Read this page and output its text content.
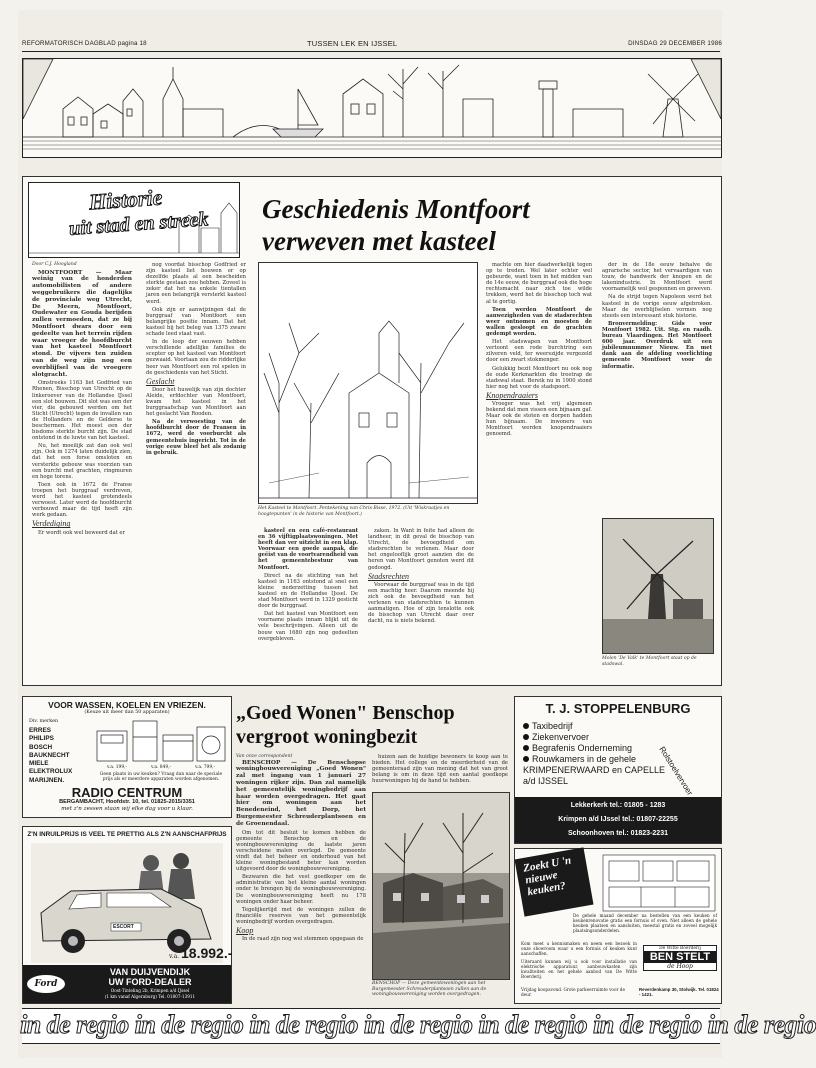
REFORMATORISCH DAGBLAD pagina 18	TUSSEN LEK EN IJSSEL	DINSDAG 29 DECEMBER 1986
Historie
uit stad en streek Geschiedenis Montfoort
verweven met kasteel
Door C.J. Hoogland

MONTFOORT — Maar weinig van de honderden automobilisten of andere weggebruikers die dagelijks de provinciale weg Utrecht, De Meern, Montfoort, Oudewater en Gouda berijden zullen vermoeden, dat ze bij Montfoort dwars door een gedeelte van het terrein rijden waar vroeger de hoofdburcht van het kasteel Montfoort stond. De vijvers ten zuiden van de weg zijn nog een overblijfsel van de vroegere slotgracht.

Omstreeks 1163 liet Godfried van Rhenen, Bisschop van Utrecht op de linkeroever van de Hollandse IJssel een slot bouwen. Dit slot was een der vier, die gebouwd werden om het Sticht (Utrecht) tegen de invallen van de Hollanders en de Gelderse te beschermen. Het moest een der bisdoms sterkte burcht zijn. De stad ontstond in de luwte van het kasteel.

Nu, het moeilijk zat dan ook wel zijn. Ook in 1274 laten duidelijk zien, dat het een forse omsloten en versterkte gebouw was voorzien van een burcht met grachten, ringmuren en hoge torens.

Toen ook in 1672 de Franse troepen het burggraaf verdreven, werd het kasteel grotendeels verwoest. Later werd de hoofdburcht verbouwd maar de tijd heeft zijn werk gedaan.

Verdediging

Er wordt ook wel beweerd dat er

nog voordat bisschop Godfried er zijn kasteel liet bouwen er op dezelfde plaats al een bescheiden sterkte gestaan zou hebben. Zoveel is zeker dat het na enkele tientallen jaren een belangrijk versterkt kasteel werd.

Ook zijn er aanwijzingen dat de burggraaf van Montfoort een belangrijke positie innam. Dat het kasteel bij het beleg van 1375 zware schade leed staat vast.

In de loop der eeuwen hebben verschillende adellijke families de scepter op het kasteel van Montfoort gezwaaid. Voortaan zou de ridderlijke heer van Montfoort een rol spelen in de geschiedenis van het Sticht.

Geslacht

Door het huwelijk van zijn dochter Aleide, erfdochter van Montfoort, kwam het kasteel in het burggraafschap van Montfoort aan het geslacht Van Rooden.

Na de verwoesting van de hoofdburcht door de Fransen in 1672, werd de voorburcht als gemeentehuis ingericht. Tot in de vorige eeuw bleef het als zodanig in gebruik.

Het Kasteel te Montfoort. Pentekening van Chris Bisse, 1972. (Uit 'Wiskraatjes en hoogtepunten' in de historie van Montfoort.)

kasteel en een café-restaurant en 36 vijftigplaatswoningen. Met heeft dan ver uitzicht in een klap. Voorwaar een goede aanpak, die geëist van de voortvarendheid van het gemeentebestuur van Montfoort.

Direct na de stichting van het kasteel in 1163 ontstond al snel een kleine nederzetting tussen het kasteel en de Hollandse IJssel. De stad Montfoort werd in 1329 gesticht door de burggraaf.

Dat het kasteel van Montfoort een voorname plaats innam blijkt uit de vele beschrijvingen. Alleen uit de bouw van 1680 zijn nog gedeelten overgebleven.

zaken. In Want in feite had alleen de landheer, in dit geval de bisschop van Utrecht, de bevoegdheid om stadsrechten te verlenen. Maar door het ongelooflijk groot aanzien die de heren van Montfoort genoten werd dit gedoogd.

Stadsrechten

Voorwaar de burggraaf was in de tijd een machtig heer. Daarom meende hij zich ook de bevoegdheid van het verlenen van stadsrechten te kunnen aanmatigen. Hoe of zijn tenslotte ook de bisschop van Utrecht daar over dacht, nu is niets bekend.

machte om hier daadwerkelijk tegen op te treden. Wel later echter wel gebeurde, want toen in het midden van de 14e eeuw, de burggraaf ook die hoge rechtsmacht naar zich toe wilde trekken, werd het de bisschop toch wat al te gortig.

Toen werden Montfoort de aanwezigheden van de stadsrechten weer ontnomen en moesten de wallen gesloopt en de grachten gedempt worden.

Het stadswapen van Montfoort vertoont een rode burchtring een zilveren veld, ter weerszijde vergezeld door een zwart stokmenger.

Gelukkig bezit Montfoort nu ook nog de oude Kerkmarkten die treetrap de stadswal staat. Bereik nu in 1900 stond hier nog het voor de stadspoort.

Knopendraaiers

Vroeger was het vrij algemeen bekend dat men vissen een bijnaam gaf. Maar ook de stoten en dorpen hadden hun bijnaam. De inwoners van Montfoort werden knopendraaiers genoemd.

der in de 18e eeuw behalve de agrarische sector, het vervaardigen van touw, de handwerk der knopen en de lakenindustrie. In Montfoort werd voornamelijk wol gesponnen en geweven.

Na de strijd tegen Napoleon werd het kasteel in de vorige eeuw afgebroken. Maar de overblijfselen vormen nog steeds een interessant stuk historie.

Bronvermelding: Gids voor Montfoort 1982. Uit. Stg. en raadh. bureau Vlaardingen. Het Montfoort 600 jaar. Overdruk uit een jubileumnummer Nieuw. En met dank aan de afdeling voorlichting gemeente Montfoort voor de informatie.

Molen 'De Valk' te Montfoort staat op de stadswal.
VOOR WASSEN, KOELEN EN VRIEZEN.
(Keuze uit meer dan 50 apparaten)
Div. merken
ERRES
PHILIPS
BOSCH
BAUKNECHT
MIELE
ELEKTROLUX
MARIJNEN.
v.a. 199,-	v.a. 849,-	v.a. 799,-
Geen plaats in uw keuken? Vraag dan naar de speciale prijs als er meerdere apparaten worden afgenomen.
RADIO CENTRUM
BERGAMBACHT, Hoofdstr. 10, tel. 01825-2015/3351
met z'n zessen staan wij elke dag voor u klaar.
Z'N INRUILPRIJS IS VEEL TE PRETTIG ALS Z'N AANSCHAFPRIJS
ESCORT
v.a. 18.992.-
Ford
VAN DUIJVENDIJK
UW FORD-DEALER
Oost-Tinteling 2b, Krimpen a/d IJssel
(1 km vanaf Algeraburg) Tel. 01807-13911
„Goed Wonen" Benschop
vergroot woningbezit
Van onze correspondent

BENSCHOP — De Benschopse woningbouwvereniging „Goed Wonen" zal met ingang van 1 januari 27 woningen rijker zijn. Dan zal namelijk het gemeentelijk woningbedrijf aan haar worden overgedragen. Het gaat hier om woningen aan het Benedeneind, het Dorp, het Burgemeester Schreuderplantsoen en de Groenendaal.

Om tot dit besluit te komen hebben de gemeente Benschop en de woningbouwvereniging de laatste jaren verscheidene malen overlegd. De gemeente vindt dat het beheer en onderhoud van het kleine woningbestand beter kan worden uitgevoerd door de woningbouwvereniging.

Bezwaren die het vest goedkoper om de administratie van het kleine aantal woningen onder te brengen bij de woningbouwvereniging. De woningbouwvereniging heeft nu 178 woningen onder haar beheer.

Tegelijkertijd met de woningen zullen de financiële reserves van het gemeentelijk woningbedrijf worden overgedragen.

Koop

In de raad zijn nog wel stemmen opgegaan de

huizen aan de huidige bewoners te koop aan te bieden. Het college en de meerderheid van de gemeenteraad zijn van mening dat het van groot belang is om in deze tijd een aantal goedkope huurwoningen bij de hand te hebben.

BENSCHOP — Deze gemeentewoningen aan het Burgemeester Schreuderplantsoen zullen aan de woningbouwvereniging worden overgedragen.
T. J. STOPPELENBURG
Taxibedrijf
Ziekenvervoer
Begrafenis Onderneming
Rouwkamers in de gehele KRIMPENERWAARD en CAPELLE a/d IJSSEL	Rolstoelvervoer
Lekkerkerk tel.: 01805 - 1283
Krimpen a/d IJssel tel.: 01807-22255
Schoonhoven tel.: 01823-2231
Zoekt U 'n nieuwe keuken?
De gehele maand december na bestellen van een keuken of keukenrenovatie gratis een fornuis of oven. Niet alleen de gehele keuken plaatsen en aansluiten, meestal gratis en zoveel mogelijk plaatsingsonderdelen.
Kom meet u kennismaken en neem een bezoek in onze showroom waar u een fornuis of keuken kunt aanschaffen.
Uiteraard kunnen wij u ook voor installatie van elektrische apparatuur, aanbouwkasten zijn kwaliteiten en het gehele aanbod van De Witte Boerderij.
Vrijdag koopavond. Grote parkeerruimte voor de deur.
De Witte Boerderij
BEN STELT
de Hoop
Reverdenkamp 30, Stolwijk. Tel. 01824 - 1421.
in de regio in de regio in de regio in de regio in de regio in de regio in de regio
